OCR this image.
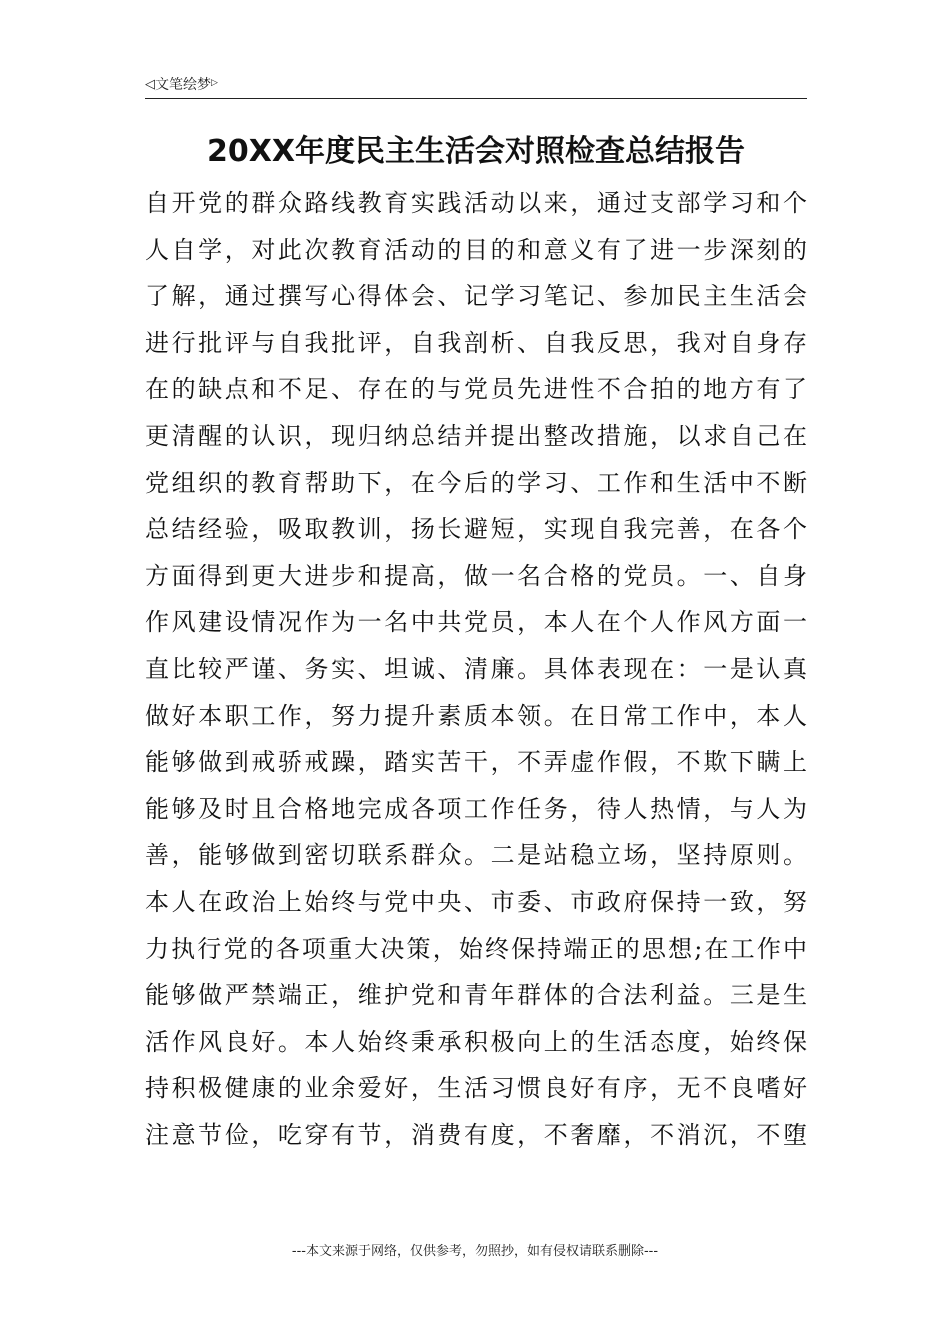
◁ 文笔绘梦 ▷
20XX年度民主生活会对照检查总结报告
自开党的群众路线教育实践活动以来，通过支部学习和个
人自学，对此次教育活动的目的和意义有了进一步深刻的
了解，通过撰写心得体会、记学习笔记、参加民主生活会
进行批评与自我批评，自我剖析、自我反思，我对自身存
在的缺点和不足、存在的与党员先进性不合拍的地方有了
更清醒的认识，现归纳总结并提出整改措施，以求自己在
党组织的教育帮助下，在今后的学习、工作和生活中不断
总结经验，吸取教训，扬长避短，实现自我完善，在各个
方面得到更大进步和提高，做一名合格的党员。一、自身
作风建设情况作为一名中共党员，本人在个人作风方面一
直比较严谨、务实、坦诚、清廉。具体表现在：一是认真
做好本职工作，努力提升素质本领。在日常工作中，本人
能够做到戒骄戒躁，踏实苦干，不弄虚作假，不欺下瞒上
能够及时且合格地完成各项工作任务，待人热情，与人为
善，能够做到密切联系群众。二是站稳立场，坚持原则。
本人在政治上始终与党中央、市委、市政府保持一致，努
力执行党的各项重大决策，始终保持端正的思想;在工作中
能够做严禁端正，维护党和青年群体的合法利益。三是生
活作风良好。本人始终秉承积极向上的生活态度，始终保
持积极健康的业余爱好，生活习惯良好有序，无不良嗜好
注意节俭，吃穿有节，消费有度，不奢靡，不消沉，不堕
---本文来源于网络，仅供参考，勿照抄，如有侵权请联系删除---
